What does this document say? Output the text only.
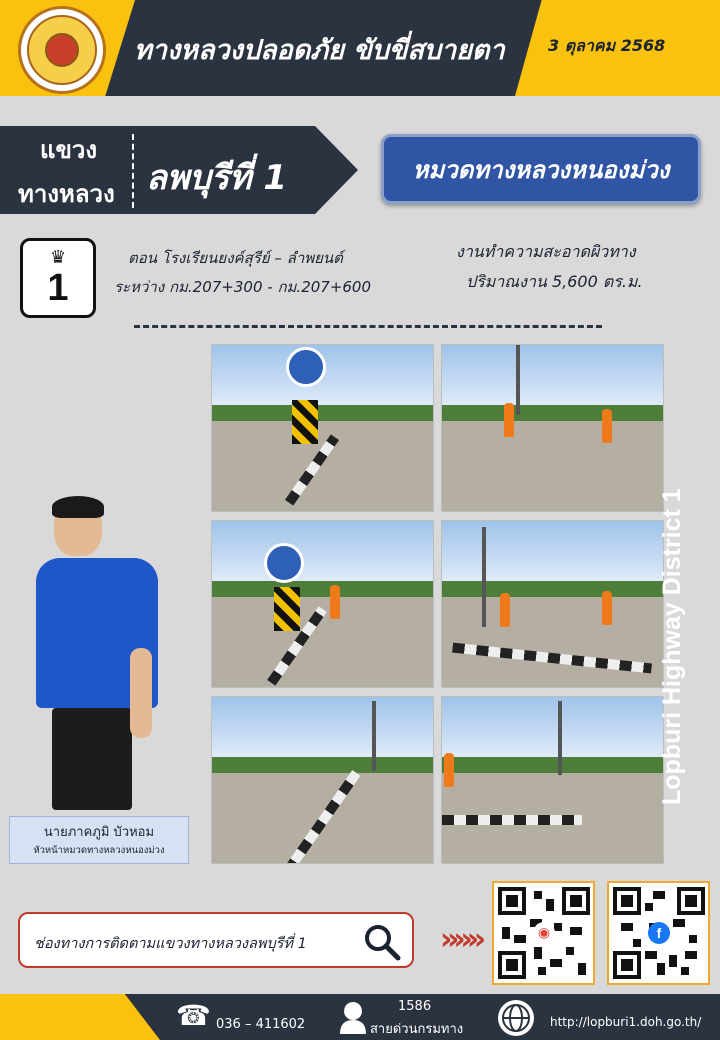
ทางหลวงปลอดภัย ขับขี่สบายตา	3 ตุลาคม 2568
แขวง
ทางหลวง ลพบุรีที่ 1	หมวดทางหลวงหนองม่วง
♛
1
ตอน โรงเรียนยงค์สุรีย์ – ลำพยนต์
ระหว่าง กม.207+300 - กม.207+600
งานทำความสะอาดผิวทาง
ปริมาณงาน 5,600 ตร.ม.
นายภาคภูมิ บัวหอม
หัวหน้าหมวดทางหลวงหนองม่วง
Lopburi Highway District 1
ช่องทางการติดตามแขวงทางหลวงลพบุรีที่ 1	»»»	◉	f
☎ 036 – 411602
1586
สายด่วนกรมทาง	http://lopburi1.doh.go.th/
